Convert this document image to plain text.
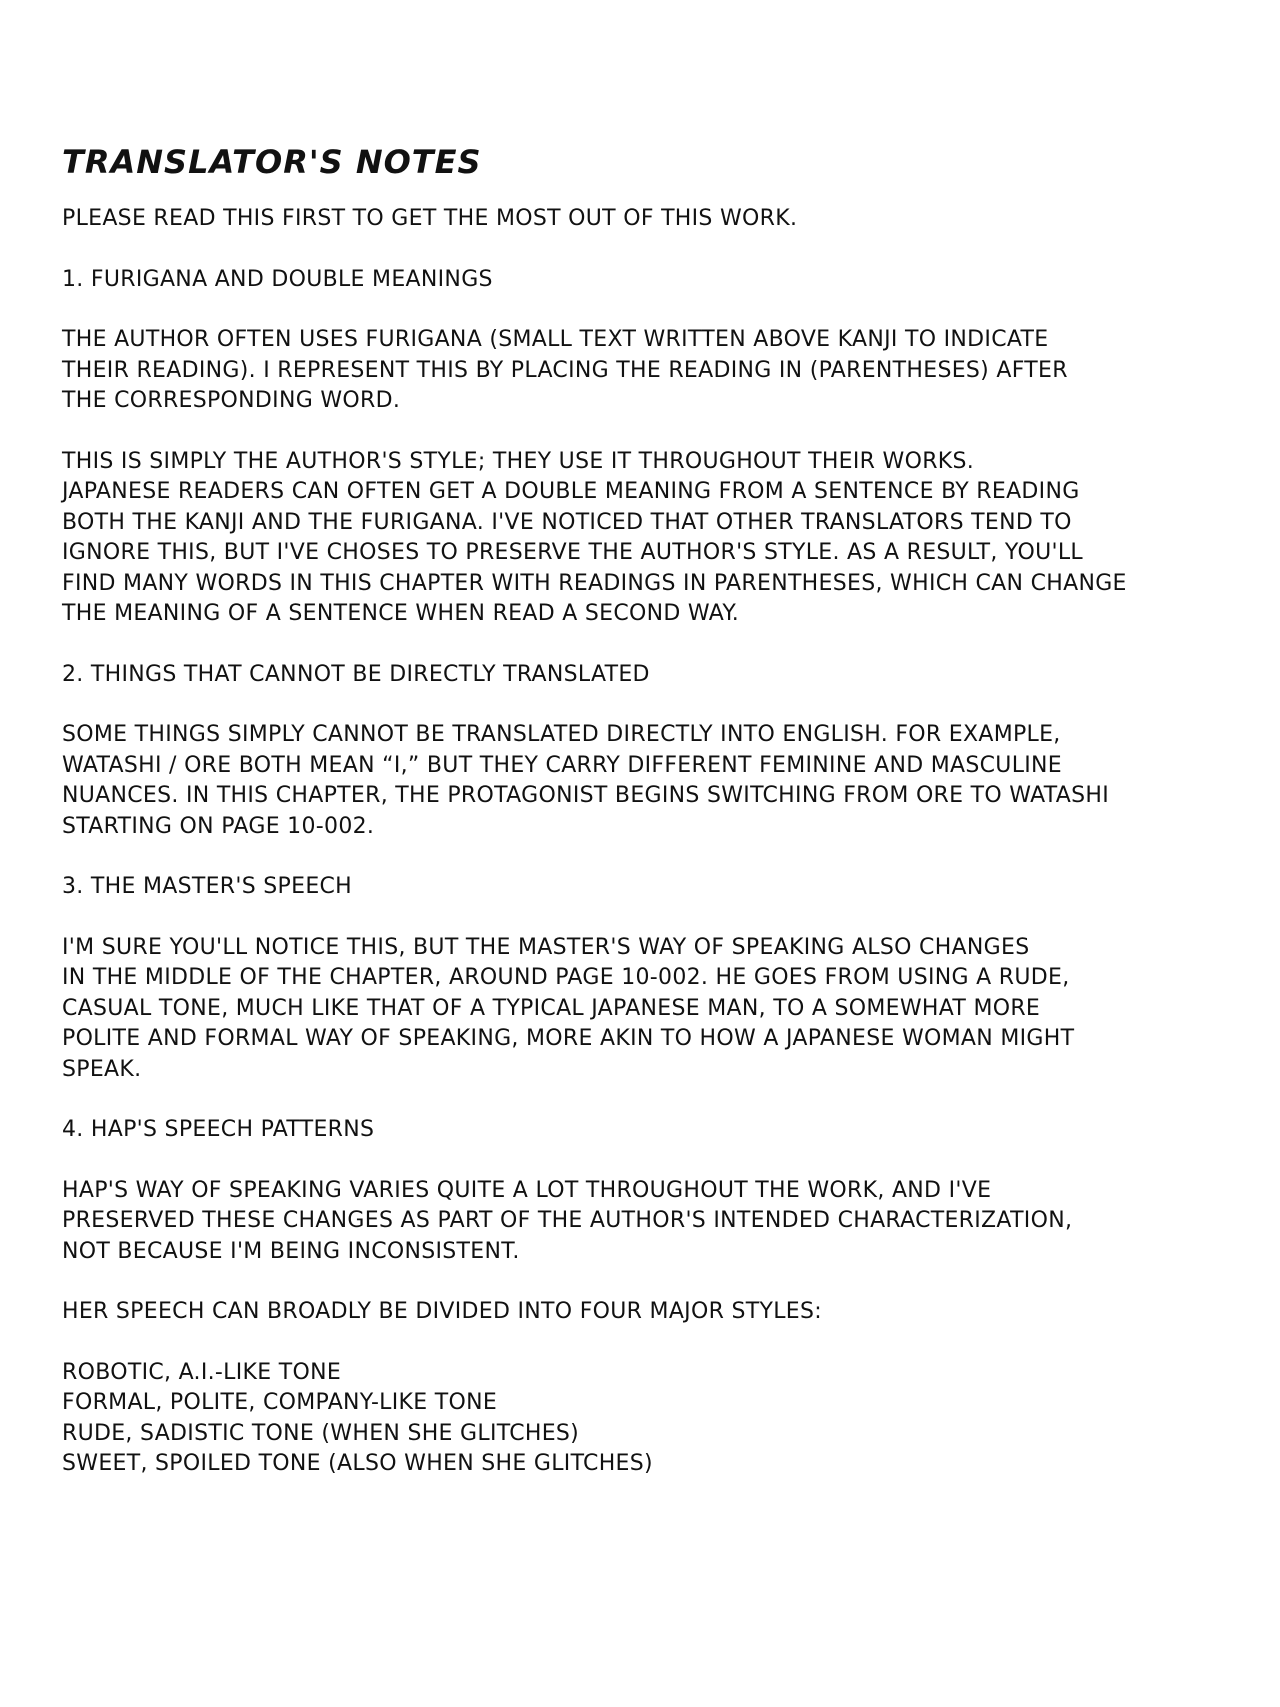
TRANSLATOR'S NOTES

PLEASE READ THIS FIRST TO GET THE MOST OUT OF THIS WORK.

1. FURIGANA AND DOUBLE MEANINGS

THE AUTHOR OFTEN USES FURIGANA (SMALL TEXT WRITTEN ABOVE KANJI TO INDICATE

THEIR READING). I REPRESENT THIS BY PLACING THE READING IN (PARENTHESES) AFTER

THE CORRESPONDING WORD.

THIS IS SIMPLY THE AUTHOR'S STYLE; THEY USE IT THROUGHOUT THEIR WORKS.

JAPANESE READERS CAN OFTEN GET A DOUBLE MEANING FROM A SENTENCE BY READING

BOTH THE KANJI AND THE FURIGANA. I'VE NOTICED THAT OTHER TRANSLATORS TEND TO

IGNORE THIS, BUT I'VE CHOSES TO PRESERVE THE AUTHOR'S STYLE. AS A RESULT, YOU'LL

FIND MANY WORDS IN THIS CHAPTER WITH READINGS IN PARENTHESES, WHICH CAN CHANGE

THE MEANING OF A SENTENCE WHEN READ A SECOND WAY.

2. THINGS THAT CANNOT BE DIRECTLY TRANSLATED

SOME THINGS SIMPLY CANNOT BE TRANSLATED DIRECTLY INTO ENGLISH. FOR EXAMPLE,

WATASHI / ORE BOTH MEAN “I,” BUT THEY CARRY DIFFERENT FEMININE AND MASCULINE

NUANCES. IN THIS CHAPTER, THE PROTAGONIST BEGINS SWITCHING FROM ORE TO WATASHI

STARTING ON PAGE 10-002.

3. THE MASTER'S SPEECH

I'M SURE YOU'LL NOTICE THIS, BUT THE MASTER'S WAY OF SPEAKING ALSO CHANGES

IN THE MIDDLE OF THE CHAPTER, AROUND PAGE 10-002. HE GOES FROM USING A RUDE,

CASUAL TONE, MUCH LIKE THAT OF A TYPICAL JAPANESE MAN, TO A SOMEWHAT MORE

POLITE AND FORMAL WAY OF SPEAKING, MORE AKIN TO HOW A JAPANESE WOMAN MIGHT

SPEAK.

4. HAP'S SPEECH PATTERNS

HAP'S WAY OF SPEAKING VARIES QUITE A LOT THROUGHOUT THE WORK, AND I'VE

PRESERVED THESE CHANGES AS PART OF THE AUTHOR'S INTENDED CHARACTERIZATION,

NOT BECAUSE I'M BEING INCONSISTENT.

HER SPEECH CAN BROADLY BE DIVIDED INTO FOUR MAJOR STYLES:

ROBOTIC, A.I.-LIKE TONE

FORMAL, POLITE, COMPANY-LIKE TONE

RUDE, SADISTIC TONE (WHEN SHE GLITCHES)

SWEET, SPOILED TONE (ALSO WHEN SHE GLITCHES)
